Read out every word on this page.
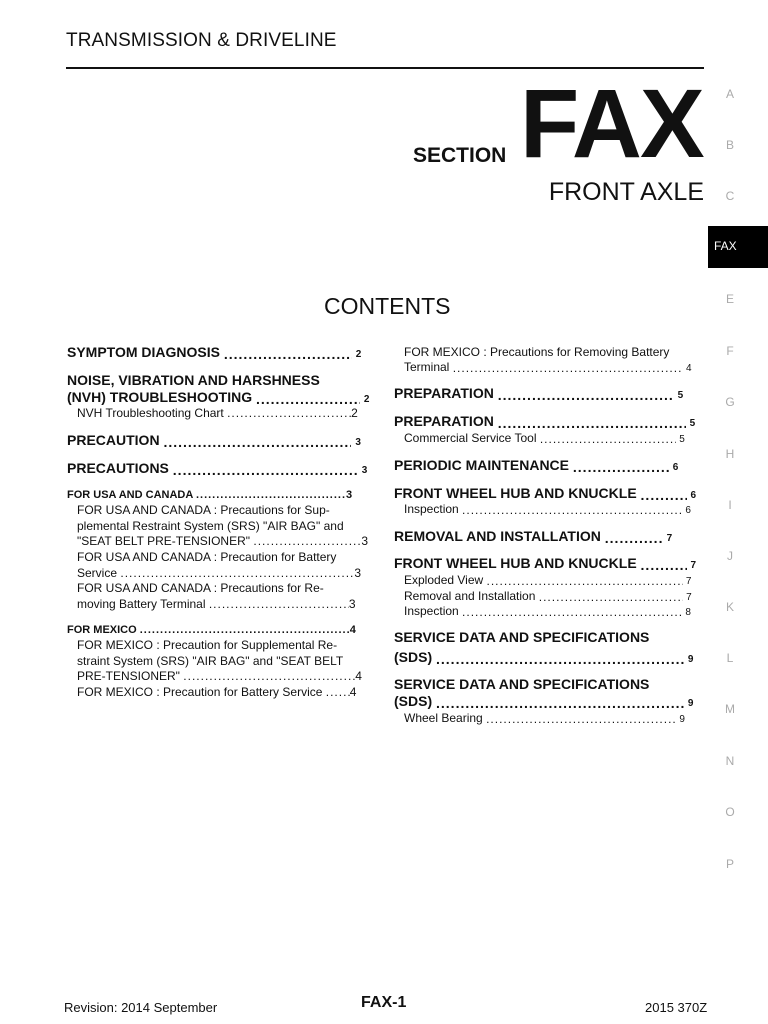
TRANSMISSION & DRIVELINE
SECTION FAX
FRONT AXLE
CONTENTS
FAX
A
B
C
E
F
G
H
I
J
K
L
M
N
O
P
SYMPTOM DIAGNOSIS .....	2
NOISE, VIBRATION AND HARSHNESS
(NVH) TROUBLESHOOTING .....	2
NVH Troubleshooting Chart .....	2
PRECAUTION .....	3
PRECAUTIONS .....	3
FOR USA AND CANADA .....	3
FOR USA AND CANADA : Precautions for Sup-
plemental Restraint System (SRS) "AIR BAG" and
"SEAT BELT PRE-TENSIONER" .....	3
FOR USA AND CANADA : Precaution for Battery
Service .....	3
FOR USA AND CANADA : Precautions for Re-
moving Battery Terminal .....	3
FOR MEXICO .....	4
FOR MEXICO : Precaution for Supplemental Re-
straint System (SRS) "AIR BAG" and "SEAT BELT
PRE-TENSIONER" .....	4
FOR MEXICO : Precaution for Battery Service ..... 4
FOR MEXICO : Precautions for Removing Battery
Terminal .....	4
PREPARATION .....	5
PREPARATION .....	5
Commercial Service Tool .....	5
PERIODIC MAINTENANCE .....	6
FRONT WHEEL HUB AND KNUCKLE .....	6
Inspection .....	6
REMOVAL AND INSTALLATION .....	7
FRONT WHEEL HUB AND KNUCKLE .....	7
Exploded View .....	7
Removal and Installation .....	7
Inspection .....	8
SERVICE DATA AND SPECIFICATIONS
(SDS) .....	9
SERVICE DATA AND SPECIFICATIONS
(SDS) .....	9
Wheel Bearing .....	9
Revision: 2014 September	FAX-1	2015 370Z
